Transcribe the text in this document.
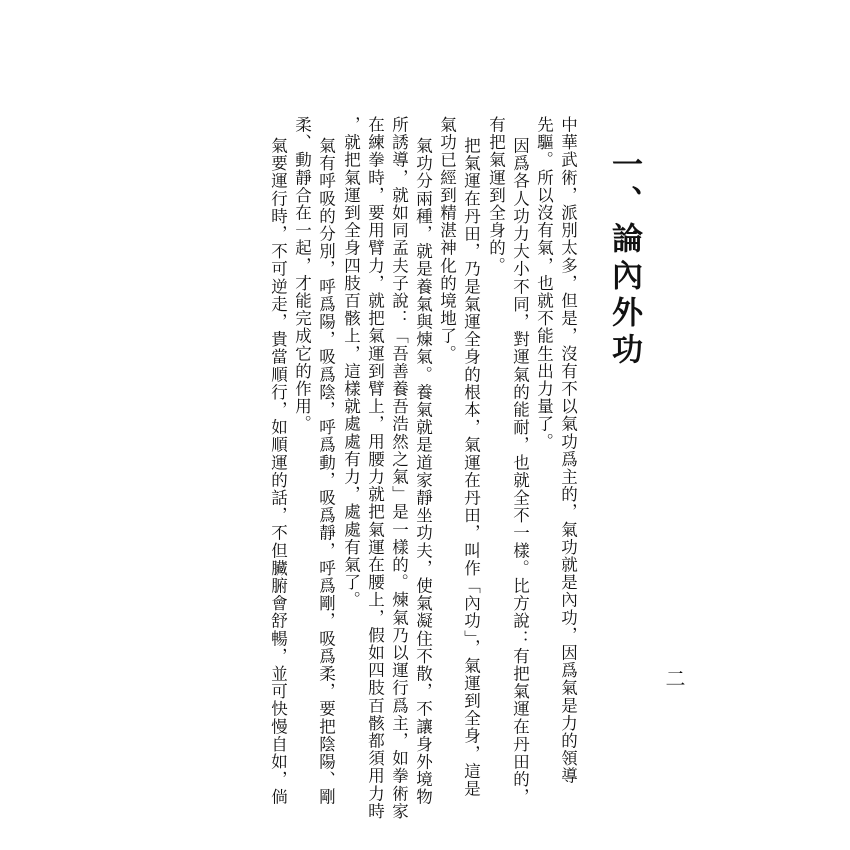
一、論內外功
二
中華武術，派別太多，但是，沒有不以氣功爲主的，氣功就是內功，因爲氣是力的領導
先驅。所以沒有氣，也就不能生出力量了。
因爲各人功力大小不同，對運氣的能耐，也就全不一樣。比方說：有把氣運在丹田的，
有把氣運到全身的。
把氣運在丹田，乃是氣運全身的根本，氣運在丹田，叫作「內功」，氣運到全身，這是
氣功已經到精湛神化的境地了。
氣功分兩種，就是養氣與煉氣。養氣就是道家靜坐功夫，使氣凝住不散，不讓身外境物
所誘導，就如同孟夫子說：「吾善養吾浩然之氣」是一樣的。煉氣乃以運行爲主，如拳術家
在練拳時，要用臂力，就把氣運到臂上，用腰力就把氣運在腰上，假如四肢百骸都須用力時
，就把氣運到全身四肢百骸上，這樣就處處有力，處處有氣了。
氣有呼吸的分別，呼爲陽，吸爲陰，呼爲動，吸爲靜，呼爲剛，吸爲柔，要把陰陽、剛
柔、動靜合在一起，才能完成它的作用。
氣要運行時，不可逆走，貴當順行，如順運的話，不但臟腑會舒暢，並可快慢自如，倘
